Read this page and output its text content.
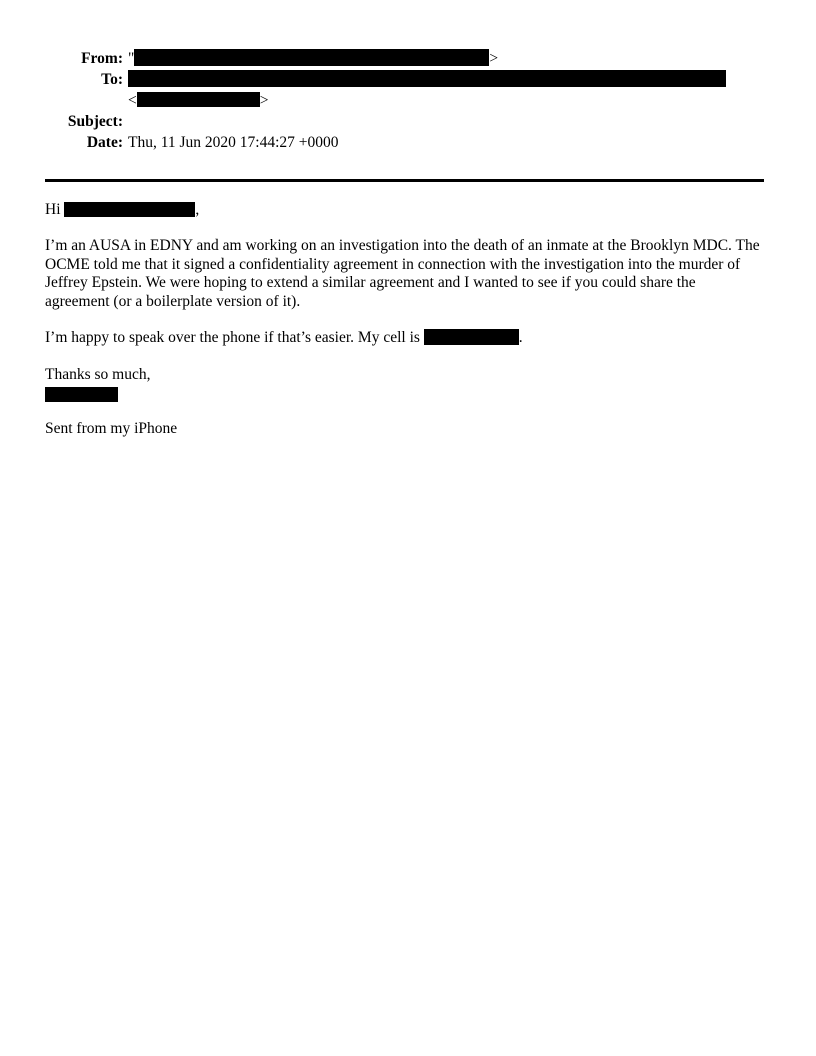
From: "	>
To:
<	>
Subject:
Date: Thu, 11 Jun 2020 17:44:27 +0000
Hi	,
I’m an AUSA in EDNY and am working on an investigation into the death of an inmate at the Brooklyn MDC. The OCME told me that it signed a confidentiality agreement in connection with the investigation into the murder of Jeffrey Epstein. We were hoping to extend a similar agreement and I wanted to see if you could share the agreement (or a boilerplate version of it).
I’m happy to speak over the phone if that’s easier. My cell is	.
Thanks so much,
Sent from my iPhone
